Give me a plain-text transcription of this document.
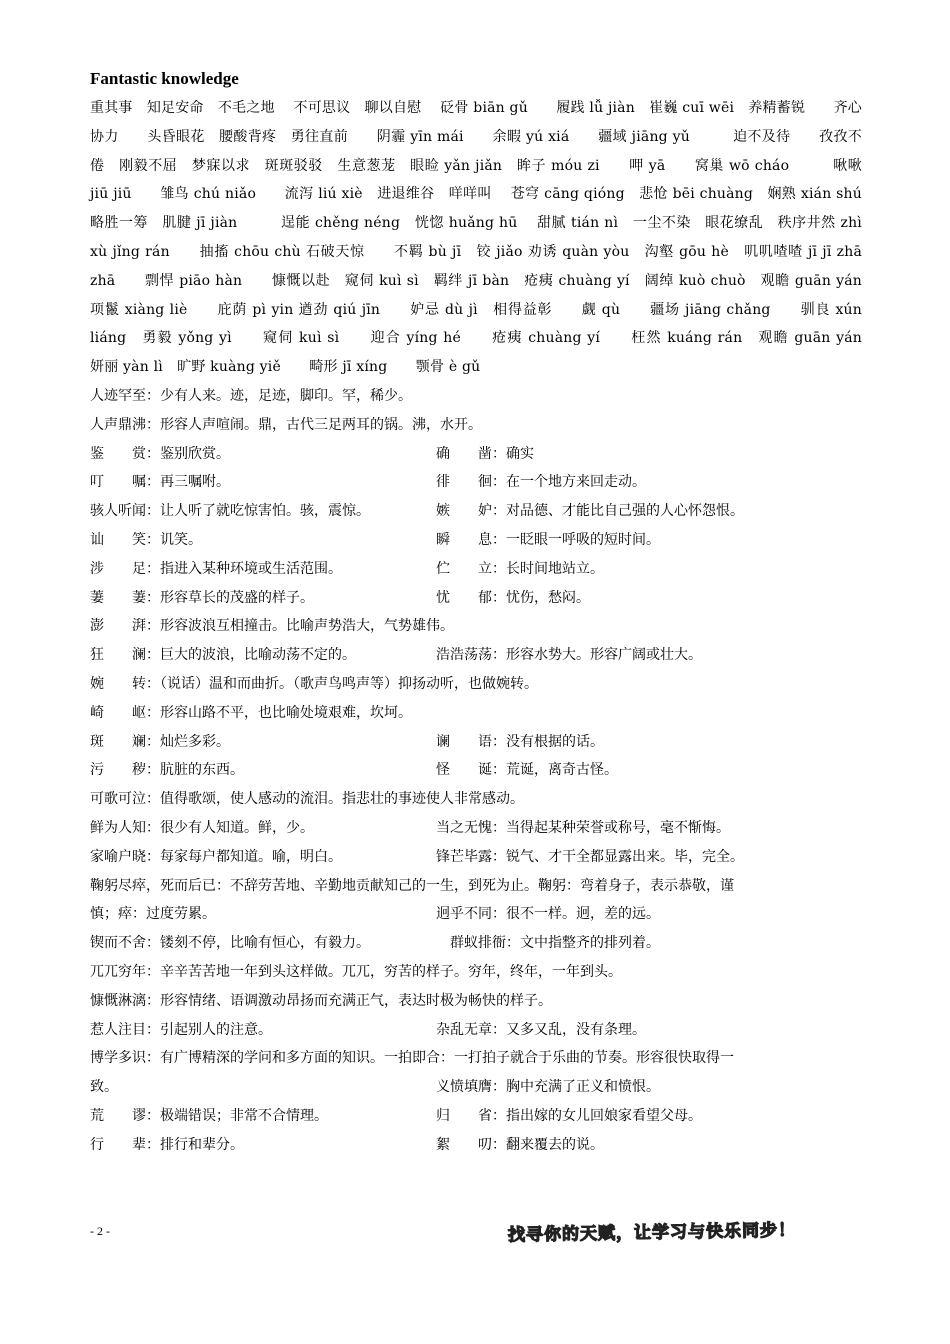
Fantastic knowledge
重其事　知足安命　不毛之地　 不可思议　聊以自慰　 砭骨 biān gǔ　　履践 lǚ jiàn　崔巍 cuī wēi　养精蓄锐　　齐心协力　　头昏眼花　腰酸背疼　勇往直前　　阴霾 yīn mái　　余暇 yú xiá　　疆域 jiāng yǔ　　　迫不及待　　孜孜不倦　刚毅不屈　梦寐以求　斑斑驳驳　生意葱茏　眼睑 yǎn jiǎn　眸子 móu zi　　呷 yā　　窝巢 wō cháo　　　啾啾 jiū jiū　　雏鸟 chú niǎo　　流泻 liú xiè　进退维谷　咩咩叫　 苍穹 cāng qióng　悲怆 bēi chuàng　娴熟 xián shú　略胜一筹　肌腱 jī jiàn　　　逞能 chěng néng　恍惚 huǎng hū　 甜腻 tián nì　一尘不染　眼花缭乱　秩序井然 zhì xù jǐng rán　　抽搐 chōu chù 石破天惊　　不羁 bù jī　铰 jiǎo 劝诱 quàn yòu　沟壑 gōu hè　叽叽喳喳 jī jī zhā zhā　　剽悍 piāo hàn　　慷慨以赴　窥伺 kuì sì　羁绊 jī bàn　疮痍 chuàng yí　阔绰 kuò chuò　观瞻 guān yán　　项鬣 xiàng liè　　庇荫 pì yin 遒劲 qiú jīn　　妒忌 dù jì　相得益彰　　觑 qù　　疆场 jiāng chǎng　　驯良 xún liáng　勇毅 yǒng yì　　窥伺 kuì sì　　迎合 yíng hé　　疮痍 chuàng yí　　枉然 kuáng rán　观瞻 guān yán　　妍丽 yàn lì　旷野 kuàng yiě　　畸形 jī xíng　　颚骨 è gǔ
人迹罕至：少有人来。迹，足迹，脚印。罕，稀少。
人声鼎沸：形容人声喧闹。鼎，古代三足两耳的锅。沸，水开。
鉴　　赏：鉴别欣赏。	确　　凿：确实
叮　　嘱：再三嘱咐。	徘　　徊：在一个地方来回走动。
骇人听闻：让人听了就吃惊害怕。骇，震惊。	嫉　　妒：对品德、才能比自己强的人心怀怨恨。
讪　　笑：讥笑。	瞬　　息：一眨眼一呼吸的短时间。
涉　　足：指进入某种环境或生活范围。	伫　　立：长时间地站立。
萋　　萋：形容草长的茂盛的样子。	忧　　郁：忧伤，愁闷。
澎　　湃：形容波浪互相撞击。比喻声势浩大，气势雄伟。
狂　　澜：巨大的波浪，比喻动荡不定的。	浩浩荡荡：形容水势大。形容广阔或壮大。
婉　　转：（说话）温和而曲折。（歌声鸟鸣声等）抑扬动听，也做婉转。
崎　　岖：形容山路不平，也比喻处境艰难，坎坷。
斑　　斓：灿烂多彩。	谰　　语：没有根据的话。
污　　秽：肮脏的东西。	怪　　诞：荒诞，离奇古怪。
可歌可泣：值得歌颂，使人感动的流泪。指悲壮的事迹使人非常感动。
鲜为人知：很少有人知道。鲜，少。	当之无愧：当得起某种荣誉或称号，毫不惭悔。
家喻户晓：每家每户都知道。喻，明白。	锋芒毕露：锐气、才干全都显露出来。毕，完全。
鞠躬尽瘁，死而后已：不辞劳苦地、辛勤地贡献知己的一生，到死为止。鞠躬：弯着身子，表示恭敬，谨
慎；瘁：过度劳累。	迥乎不同：很不一样。迥，差的远。
锲而不舍：镂刻不停，比喻有恒心，有毅力。	　群蚁排衙：文中指整齐的排列着。
兀兀穷年：辛辛苦苦地一年到头这样做。兀兀，穷苦的样子。穷年，终年，一年到头。
慷慨淋漓：形容情绪、语调激动昂扬而充满正气，表达时极为畅快的样子。
惹人注目：引起别人的注意。	杂乱无章：又多又乱，没有条理。
博学多识：有广博精深的学问和多方面的知识。一拍即合：一打拍子就合于乐曲的节奏。形容很快取得一
致。	义愤填膺：胸中充满了正义和愤恨。
荒　　谬：极端错误；非常不合情理。	归　　省：指出嫁的女儿回娘家看望父母。
行　　辈：排行和辈分。	絮　　叨：翻来覆去的说。
- 2 -	找寻你的天赋，让学习与快乐同步！
